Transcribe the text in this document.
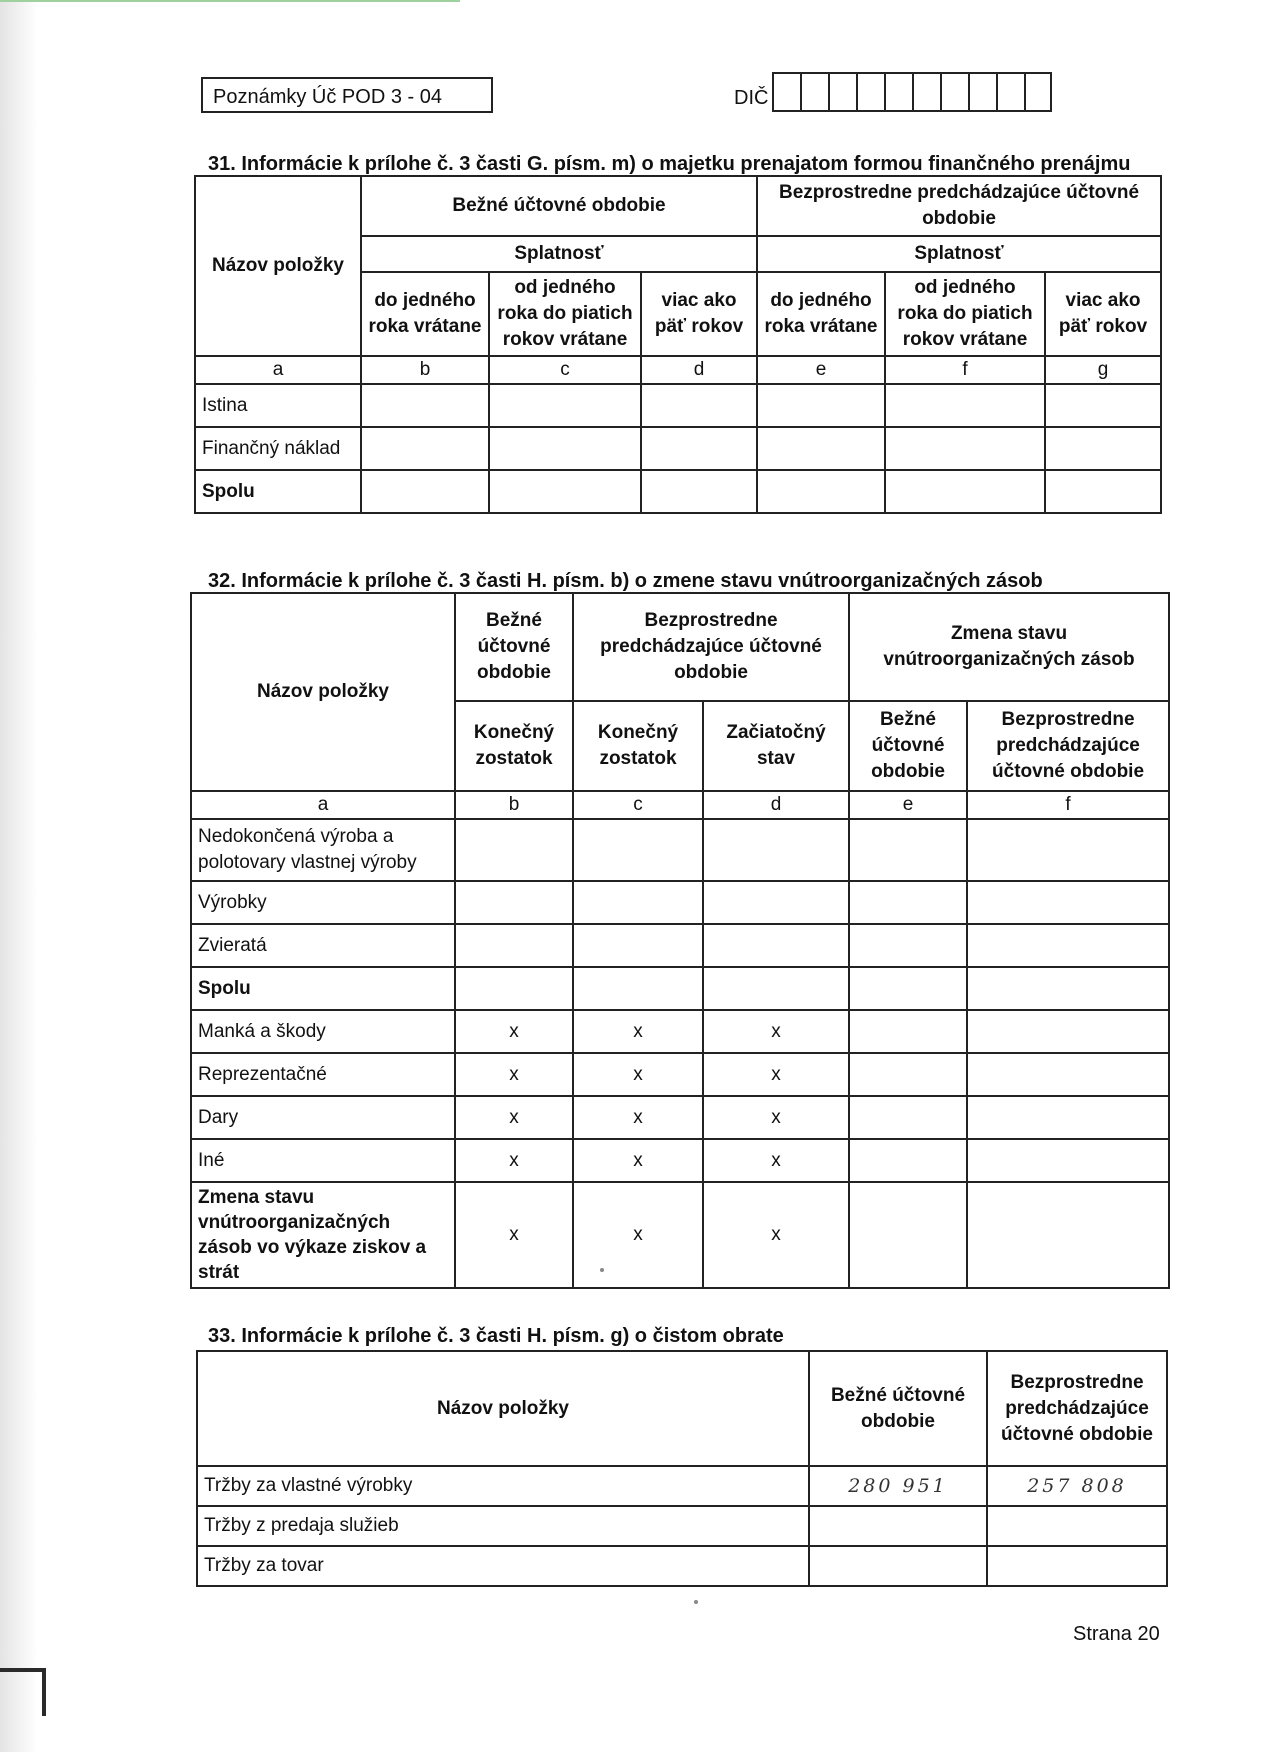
Poznámky Úč POD 3 - 04	DIČ
31. Informácie k prílohe č. 3 časti G. písm. m) o majetku prenajatom formou finančného prenájmu
Názov položky	Bežné účtovné obdobie			Bezprostredne predchádzajúce účtovné obdobie		
	Splatnosť			Splatnosť		
	do jedného roka vrátane	od jedného roka do piatich rokov vrátane	viac ako päť rokov	do jedného roka vrátane	od jedného roka do piatich rokov vrátane	viac ako päť rokov
a	b	c	d	e	f	g
Istina						
Finančný náklad						
Spolu						
32. Informácie k prílohe č. 3 časti H. písm. b) o zmene stavu vnútroorganizačných zásob
Názov položky	Bežné účtovné obdobie	Bezprostredne predchádzajúce účtovné obdobie		Zmena stavu vnútroorganizačných zásob	
	Konečný zostatok	Konečný zostatok	Začiatočný stav	Bežné účtovné obdobie	Bezprostredne predchádzajúce účtovné obdobie
a	b	c	d	e	f
Nedokončená výroba a polotovary vlastnej výroby					
Výrobky					
Zvieratá					
Spolu					
Manká a škody	x	x	x		
Reprezentačné	x	x	x		
Dary	x	x	x		
Iné	x	x	x		
Zmena stavu vnútroorganizačných zásob vo výkaze ziskov a strát	x	x	x		
33. Informácie k prílohe č. 3 časti H. písm. g) o čistom obrate
Názov položky	Bežné účtovné obdobie	Bezprostredne predchádzajúce účtovné obdobie
Tržby za vlastné výrobky	280 951	257 808
Tržby z predaja služieb		
Tržby za tovar		
Strana 20
